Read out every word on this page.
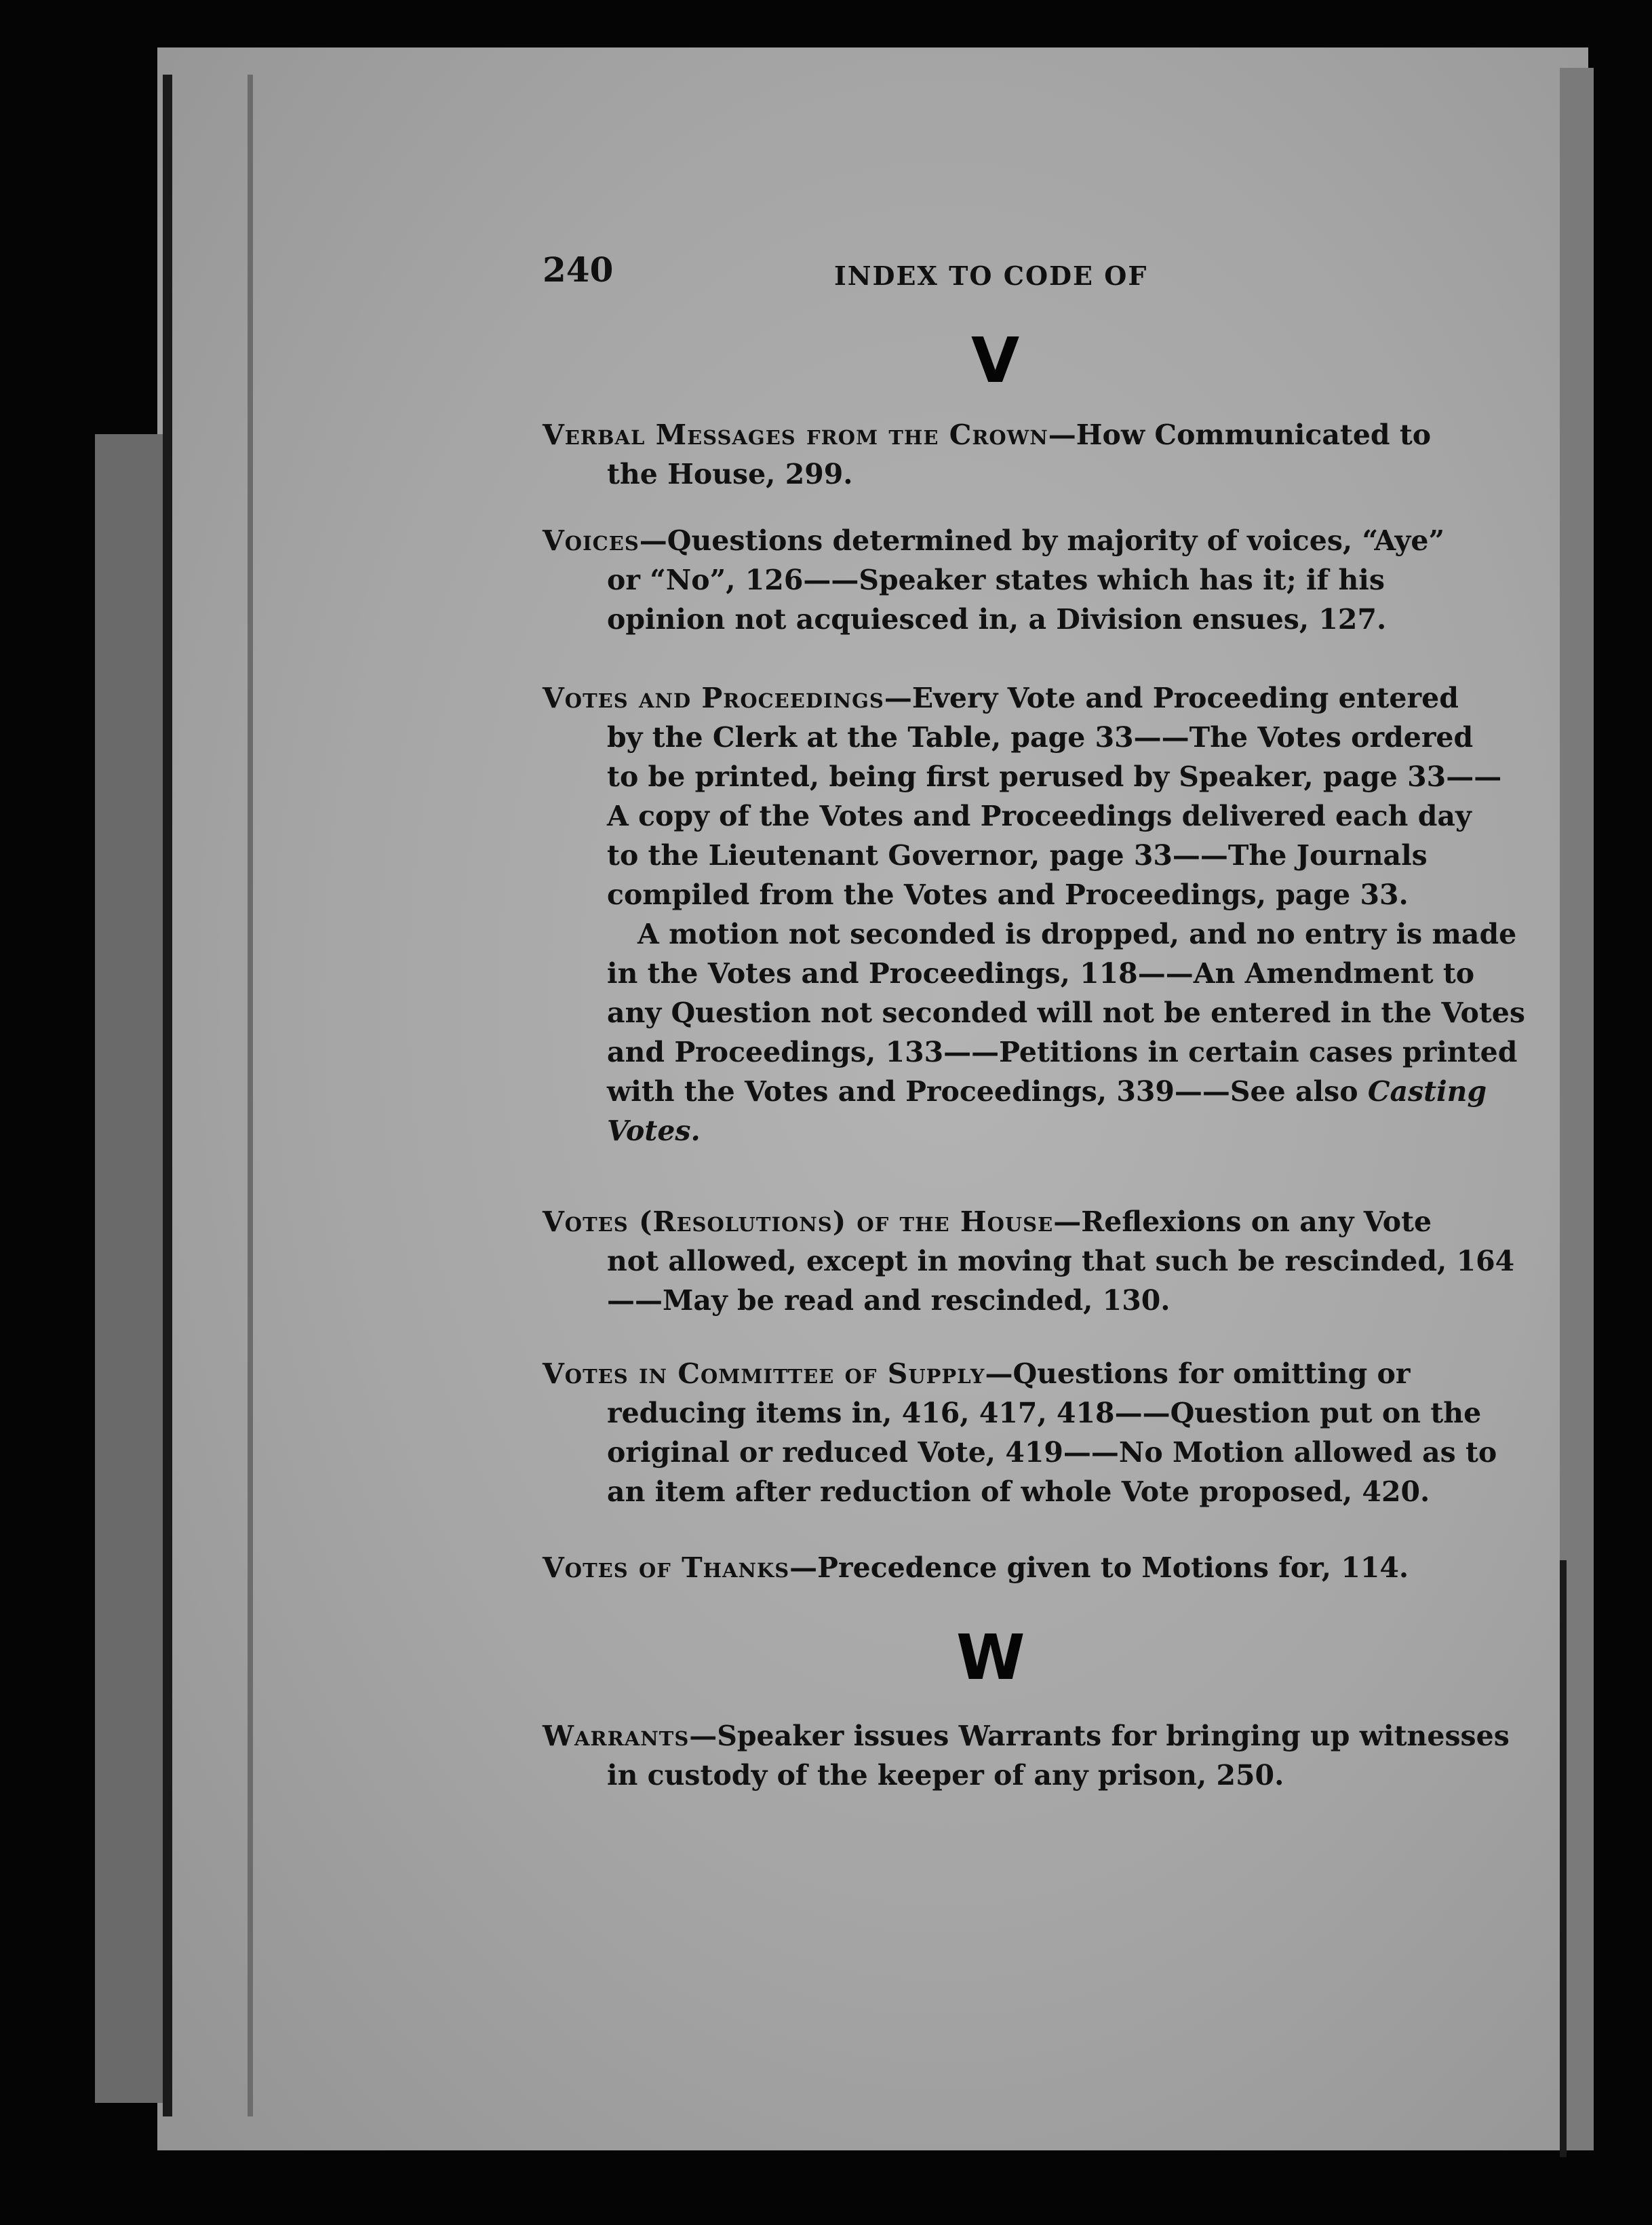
240	INDEX TO CODE OF
V
Verbal Messages from the Crown—How Communicated to
the House, 299.
Voices—Questions determined by majority of voices, “Aye”
or “No”, 126——Speaker states which has it; if his
opinion not acquiesced in, a Division ensues, 127.
Votes and Proceedings—Every Vote and Proceeding entered
by the Clerk at the Table, page 33——The Votes ordered
to be printed, being first perused by Speaker, page 33——
A copy of the Votes and Proceedings delivered each day
to the Lieutenant Governor, page 33——The Journals
compiled from the Votes and Proceedings, page 33.
A motion not seconded is dropped, and no entry is made
in the Votes and Proceedings, 118——An Amendment to
any Question not seconded will not be entered in the Votes
and Proceedings, 133——Petitions in certain cases printed
with the Votes and Proceedings, 339——See also Casting
Votes.
Votes (Resolutions) of the House—Reflexions on any Vote
not allowed, except in moving that such be rescinded, 164
——May be read and rescinded, 130.
Votes in Committee of Supply—Questions for omitting or
reducing items in, 416, 417, 418——Question put on the
original or reduced Vote, 419——No Motion allowed as to
an item after reduction of whole Vote proposed, 420.
Votes of Thanks—Precedence given to Motions for, 114.
W
Warrants—Speaker issues Warrants for bringing up witnesses
in custody of the keeper of any prison, 250.
